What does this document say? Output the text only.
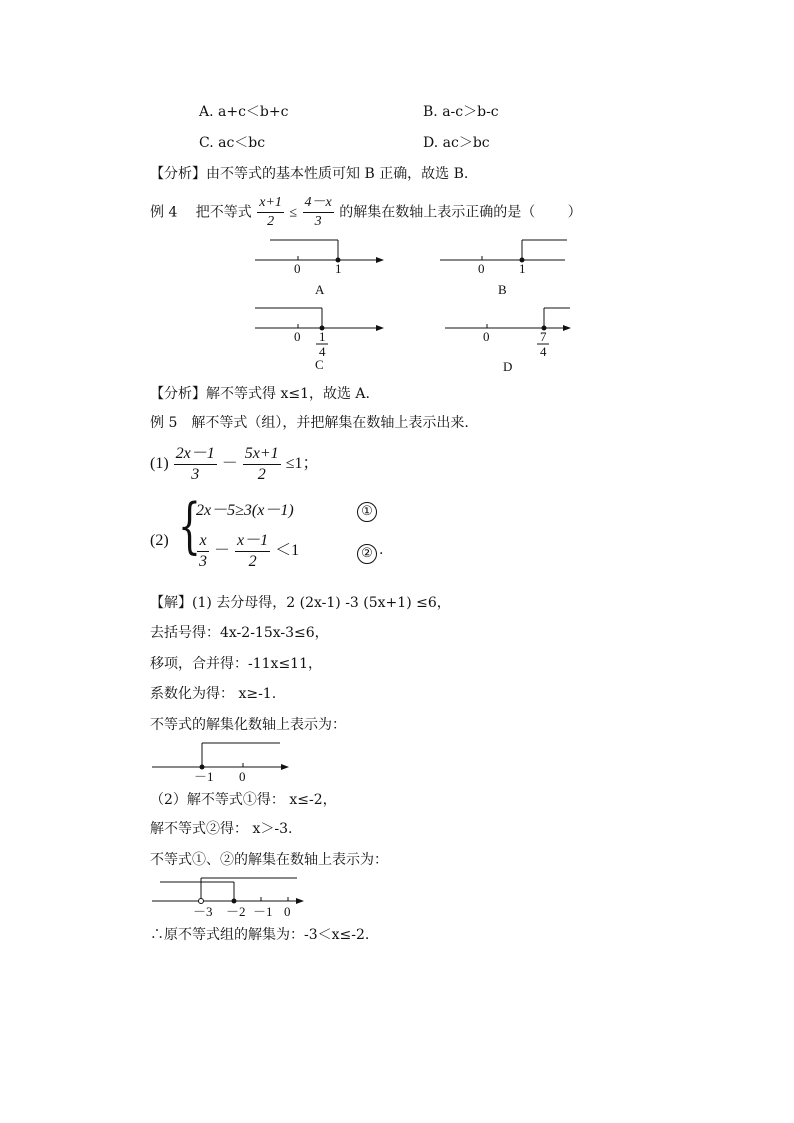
A. a+c＜b+c	B. a-c＞b-c
C. ac＜bc	D. ac＞bc
【分析】由不等式的基本性质可知 B 正确，故选 B.
例 4　 把不等式 $\frac{x+1}{2} \le \frac{4-x}{3}$ 的解集在数轴上表示正确的是（　　 ）
0	1
A
0	1
B
0 1
4
C
0	7
4
D
【分析】解不等式得 x≤1，故选 A.
例 5　解不等式（组），并把解集在数轴上表示出来.
$(1) \frac{2x-1}{3} - \frac{5x+1}{2} \le 1$；
(2) {
2x－5≥3(x－1)	①
$\frac{x}{3} - \frac{x-1}{2} <1$	② .
【解】(1) 去分母得，2 (2x-1) -3 (5x+1) ≤6，
去括号得：4x-2-15x-3≤6，
移项，合并得：-11x≤11，
系数化为得： x≥-1.
不等式的解集化数轴上表示为：
－1 0
（2）解不等式①得： x≤-2，
解不等式②得： x＞-3.
不等式①、②的解集在数轴上表示为：
－3 －2 －1 0
∴原不等式组的解集为：-3＜x≤-2.
